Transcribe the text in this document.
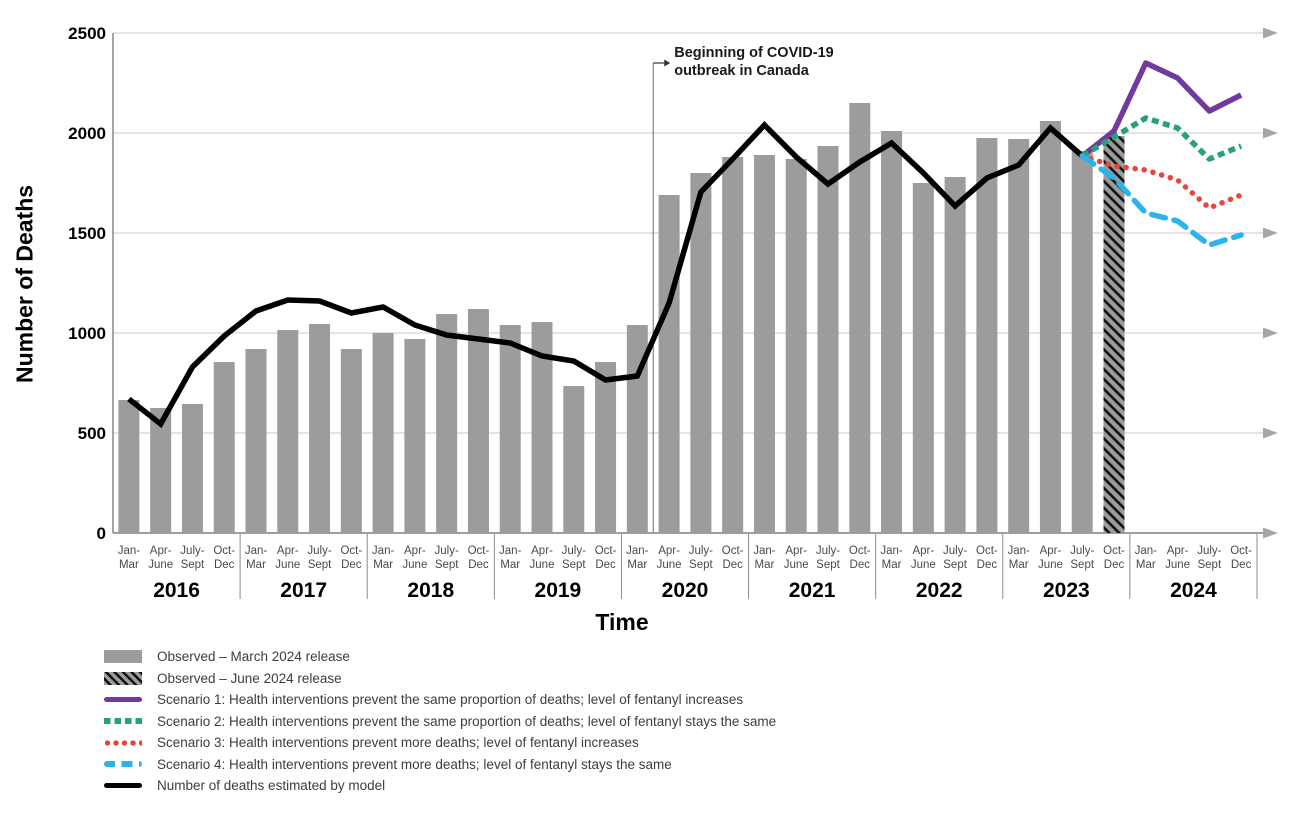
0
500
1000
1500
2000
2500
Beginning of COVID-19
outbreak in Canada
Jan-
Mar
Apr-
June
July-
Sept
Oct-
Dec
Jan-
Mar
Apr-
June
July-
Sept
Oct-
Dec
Jan-
Mar
Apr-
June
July-
Sept
Oct-
Dec
Jan-
Mar
Apr-
June
July-
Sept
Oct-
Dec
Jan-
Mar
Apr-
June
July-
Sept
Oct-
Dec
Jan-
Mar
Apr-
June
July-
Sept
Oct-
Dec
Jan-
Mar
Apr-
June
July-
Sept
Oct-
Dec
Jan-
Mar
Apr-
June
July-
Sept
Oct-
Dec
Jan-
Mar
Apr-
June
July-
Sept
Oct-
Dec
2016	2017	2018	2019	2020	2021	2022	2023	2024
Number of Deaths
Time
Observed – March 2024 release
Observed – June 2024 release
Scenario 1: Health interventions prevent the same proportion of deaths; level of fentanyl increases
Scenario 2: Health interventions prevent the same proportion of deaths; level of fentanyl stays the same
Scenario 3: Health interventions prevent more deaths; level of fentanyl increases
Scenario 4: Health interventions prevent more deaths; level of fentanyl stays the same
Number of deaths estimated by model
